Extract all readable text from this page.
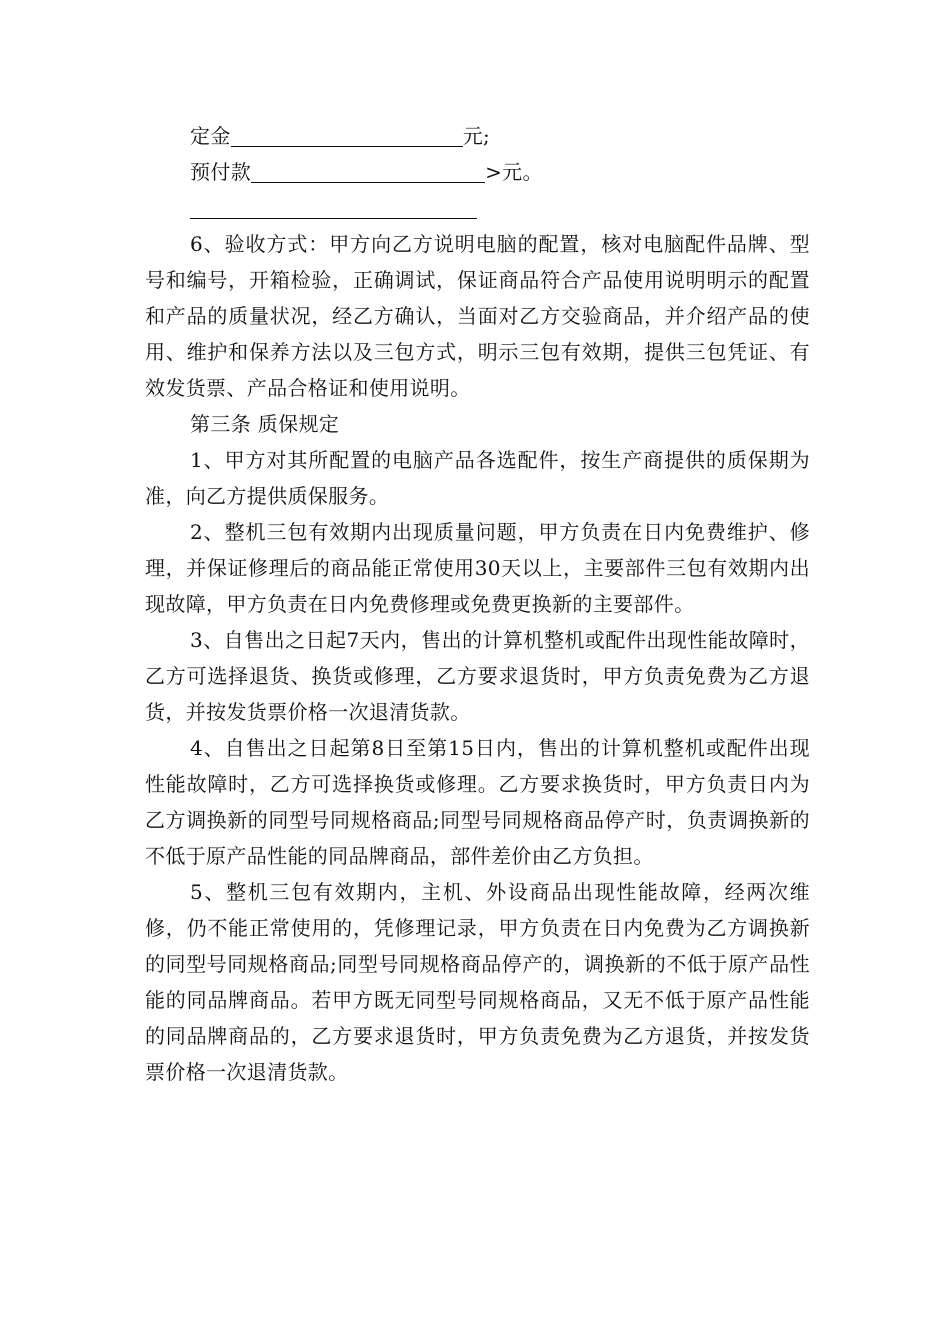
定金	元;
预付款	>元。

6、验收方式：甲方向乙方说明电脑的配置，核对电脑配件品牌、型号和编号，开箱检验，正确调试，保证商品符合产品使用说明明示的配置和产品的质量状况，经乙方确认，当面对乙方交验商品，并介绍产品的使用、维护和保养方法以及三包方式，明示三包有效期，提供三包凭证、有效发货票、产品合格证和使用说明。

第三条 质保规定

1、甲方对其所配置的电脑产品各选配件，按生产商提供的质保期为准，向乙方提供质保服务。

2、整机三包有效期内出现质量问题，甲方负责在日内免费维护、修理，并保证修理后的商品能正常使用30天以上，主要部件三包有效期内出现故障，甲方负责在日内免费修理或免费更换新的主要部件。

3、自售出之日起7天内，售出的计算机整机或配件出现性能故障时，乙方可选择退货、换货或修理，乙方要求退货时，甲方负责免费为乙方退货，并按发货票价格一次退清货款。

4、自售出之日起第8日至第15日内，售出的计算机整机或配件出现性能故障时，乙方可选择换货或修理。乙方要求换货时，甲方负责日内为乙方调换新的同型号同规格商品;同型号同规格商品停产时，负责调换新的不低于原产品性能的同品牌商品，部件差价由乙方负担。

5、整机三包有效期内，主机、外设商品出现性能故障，经两次维修，仍不能正常使用的，凭修理记录，甲方负责在日内免费为乙方调换新的同型号同规格商品;同型号同规格商品停产的，调换新的不低于原产品性能的同品牌商品。若甲方既无同型号同规格商品，又无不低于原产品性能的同品牌商品的，乙方要求退货时，甲方负责免费为乙方退货，并按发货票价格一次退清货款。
